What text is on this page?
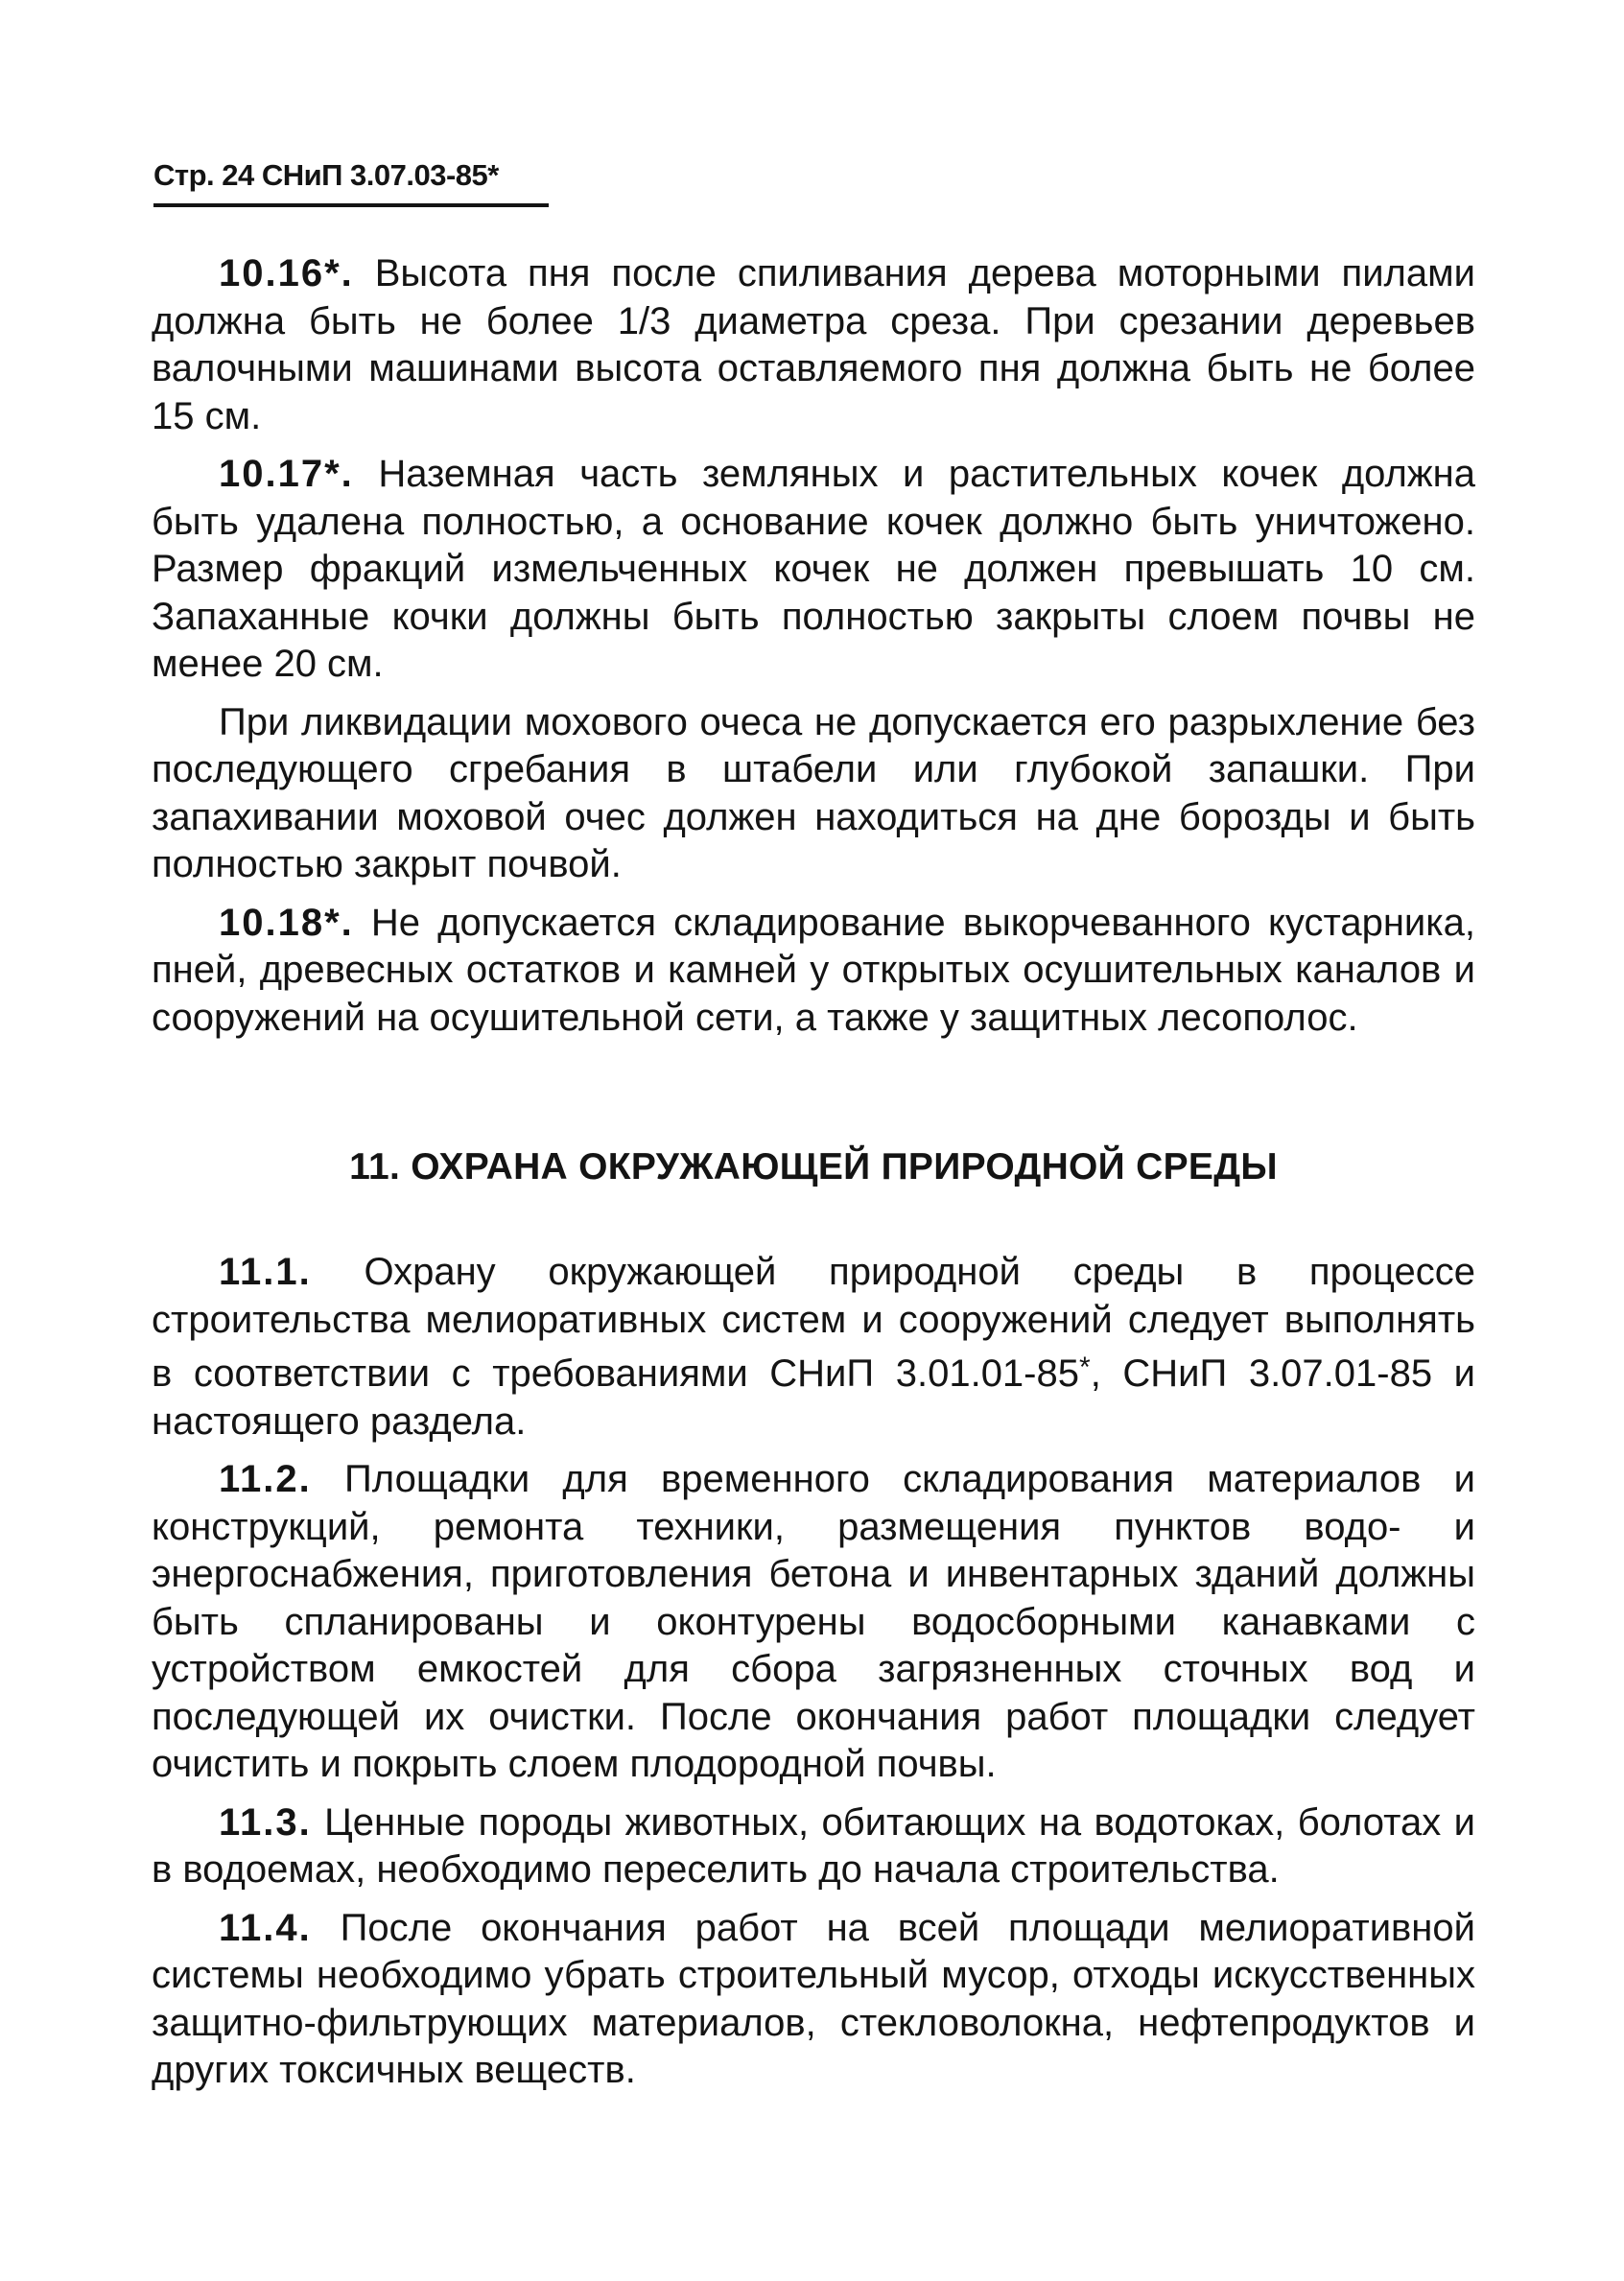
Стр. 24 СНиП 3.07.03-85*

10.16*. Высота пня после спиливания дерева моторными пилами должна быть не более 1/3 диаметра среза. При срезании деревьев валочными машинами высота оставляемого пня должна быть не более 15 см.

10.17*. Наземная часть земляных и растительных кочек должна быть удалена полностью, а основание кочек должно быть уничтожено. Размер фракций измельченных кочек не должен превышать 10 см. Запаханные кочки должны быть полностью закрыты слоем почвы не менее 20 см.

При ликвидации мохового очеса не допускается его разрыхление без последующего сгребания в штабели или глубокой запашки. При запахивании моховой очес должен находиться на дне борозды и быть полностью закрыт почвой.

10.18*. Не допускается складирование выкорчеванного кустарника, пней, древесных остатков и камней у открытых осушительных каналов и сооружений на осушительной сети, а также у защитных лесополос.

11. ОХРАНА ОКРУЖАЮЩЕЙ ПРИРОДНОЙ СРЕДЫ

11.1. Охрану окружающей природной среды в процессе строительства мелиоративных систем и сооружений следует выполнять в соответствии с требованиями СНиП 3.01.01-85*, СНиП 3.07.01-85 и настоящего раздела.

11.2. Площадки для временного складирования материалов и конструкций, ремонта техники, размещения пунктов водо- и энергоснабжения, приготовления бетона и инвентарных зданий должны быть спланированы и оконтурены водосборными канавками с устройством емкостей для сбора загрязненных сточных вод и последующей их очистки. После окончания работ площадки следует очистить и покрыть слоем плодородной почвы.

11.3. Ценные породы животных, обитающих на водотоках, болотах и в водоемах, необходимо переселить до начала строительства.

11.4. После окончания работ на всей площади мелиоративной системы необходимо убрать строительный мусор, отходы искусственных защитно-фильтрующих материалов, стекловолокна, нефтепродуктов и других токсичных веществ.
